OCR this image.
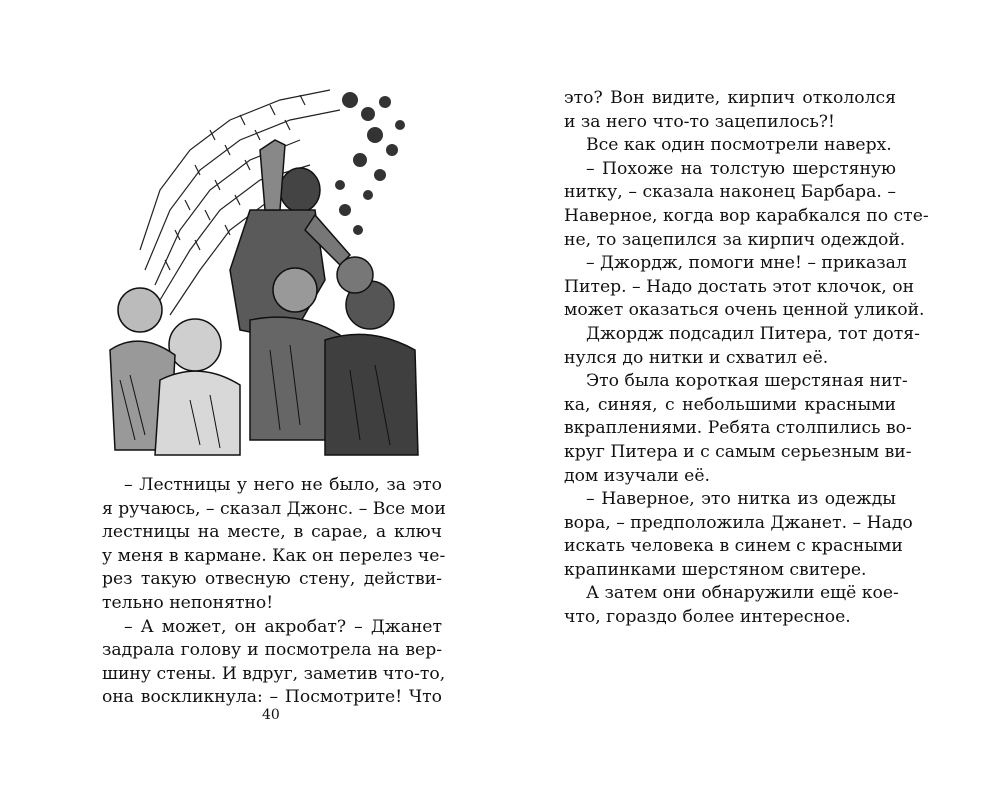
– Лестницы у него не было, за это
я ручаюсь, – сказал Джонс. – Все мои
лестницы на месте, в сарае, а ключ
у меня в кармане. Как он перелез че-
рез такую отвесную стену, действи-
тельно непонятно!
– А может, он акробат? – Джанет
задрала голову и посмотрела на вер-
шину стены. И вдруг, заметив что-то,
она воскликнула: – Посмотрите! Что
40
это? Вон видите, кирпич откололся
и за него что-то зацепилось?!
Все как один посмотрели наверх.
– Похоже на толстую шерстяную
нитку, – сказала наконец Барбара. –
Наверное, когда вор карабкался по сте-
не, то зацепился за кирпич одеждой.
– Джордж, помоги мне! – приказал
Питер. – Надо достать этот клочок, он
может оказаться очень ценной уликой.
Джордж подсадил Питера, тот дотя-
нулся до нитки и схватил её.
Это была короткая шерстяная нит-
ка, синяя, с небольшими красными
вкраплениями. Ребята столпились во-
круг Питера и с самым серьезным ви-
дом изучали её.
– Наверное, это нитка из одежды
вора, – предположила Джанет. – Надо
искать человека в синем с красными
крапинками шерстяном свитере.
А затем они обнаружили ещё кое-
что, гораздо более интересное.
